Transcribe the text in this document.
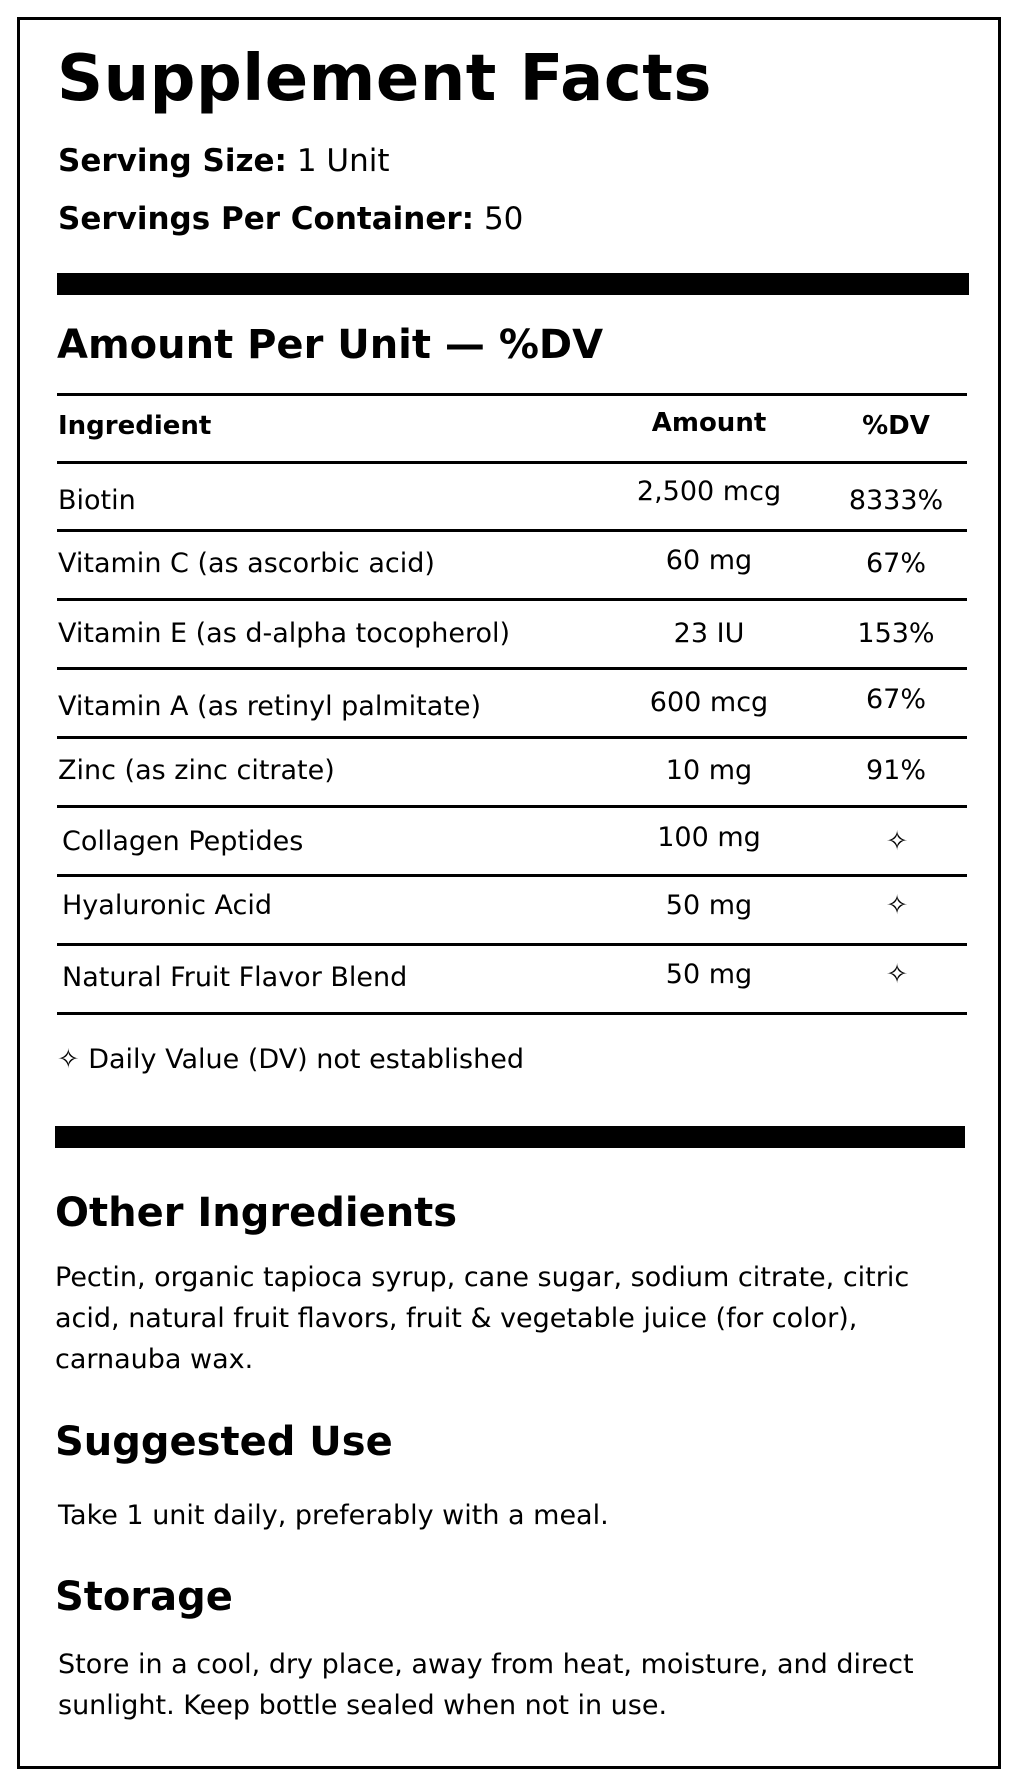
Supplement Facts
Serving Size: 1 Unit
Servings Per Container: 50
Amount Per Unit — %DV
Ingredient	Amount	%DV
Biotin	2,500 mcg	8333%
Vitamin C (as ascorbic acid)	60 mg	67%
Vitamin E (as d-alpha tocopherol)	23 IU	153%
Vitamin A (as retinyl palmitate)	600 mcg	67%
Zinc (as zinc citrate)	10 mg	91%
Collagen Peptides	100 mg	✧
Hyaluronic Acid	50 mg	✧
Natural Fruit Flavor Blend	50 mg	✧
✧ Daily Value (DV) not established
Other Ingredients
Pectin, organic tapioca syrup, cane sugar, sodium citrate, citric
acid, natural fruit flavors, fruit & vegetable juice (for color),
carnauba wax.
Suggested Use
Take 1 unit daily, preferably with a meal.
Storage
Store in a cool, dry place, away from heat, moisture, and direct
sunlight. Keep bottle sealed when not in use.
